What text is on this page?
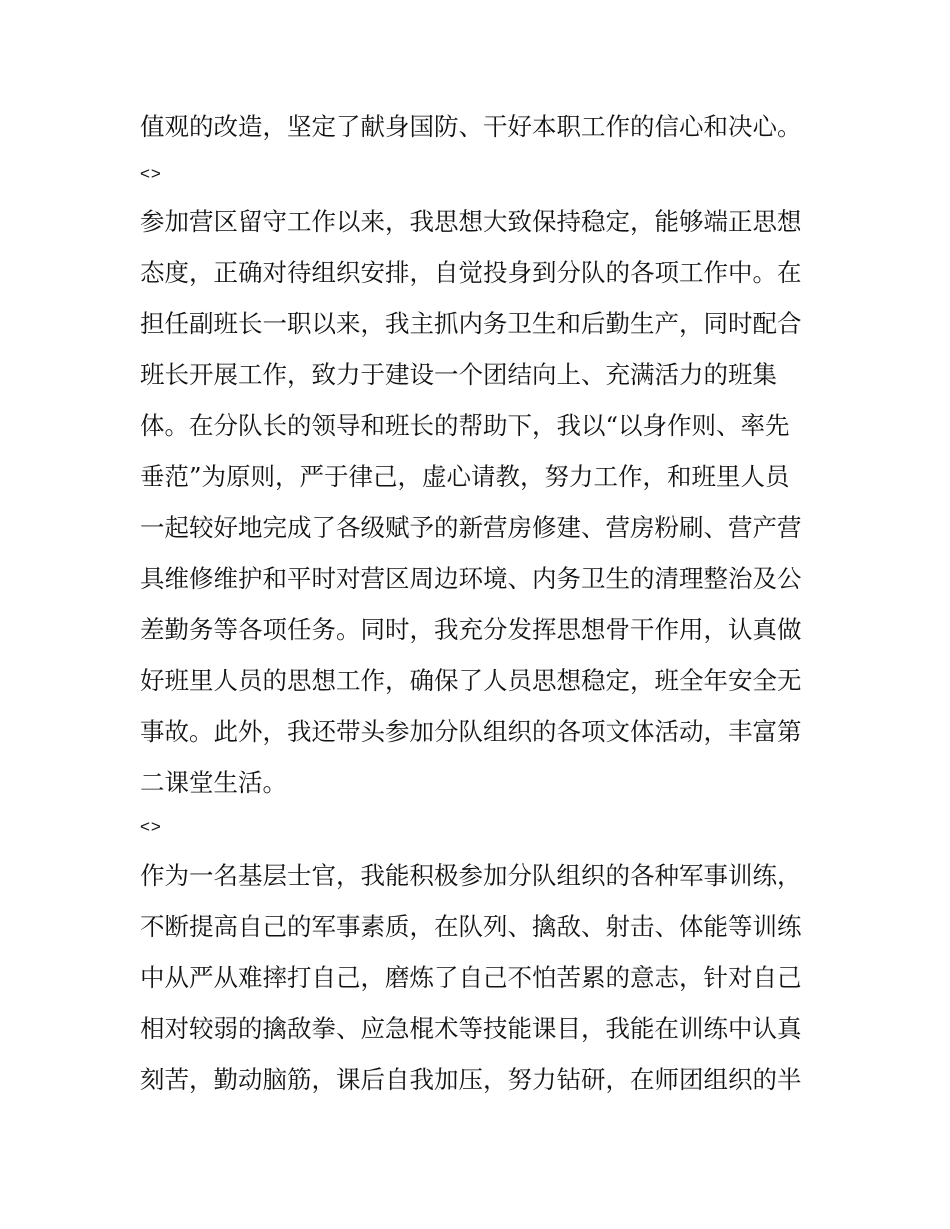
值观的改造，坚定了献身国防、干好本职工作的信心和决心。
<>
参加营区留守工作以来，我思想大致保持稳定，能够端正思想
态度，正确对待组织安排，自觉投身到分队的各项工作中。在
担任副班长一职以来，我主抓内务卫生和后勤生产，同时配合
班长开展工作，致力于建设一个团结向上、充满活力的班集
体。在分队长的领导和班长的帮助下，我以“以身作则、率先
垂范”为原则，严于律己，虚心请教，努力工作，和班里人员
一起较好地完成了各级赋予的新营房修建、营房粉刷、营产营
具维修维护和平时对营区周边环境、内务卫生的清理整治及公
差勤务等各项任务。同时，我充分发挥思想骨干作用，认真做
好班里人员的思想工作，确保了人员思想稳定，班全年安全无
事故。此外，我还带头参加分队组织的各项文体活动，丰富第
二课堂生活。
<>
作为一名基层士官，我能积极参加分队组织的各种军事训练，
不断提高自己的军事素质，在队列、擒敌、射击、体能等训练
中从严从难摔打自己，磨炼了自己不怕苦累的意志，针对自己
相对较弱的擒敌拳、应急棍术等技能课目，我能在训练中认真
刻苦，勤动脑筋，课后自我加压，努力钻研，在师团组织的半
